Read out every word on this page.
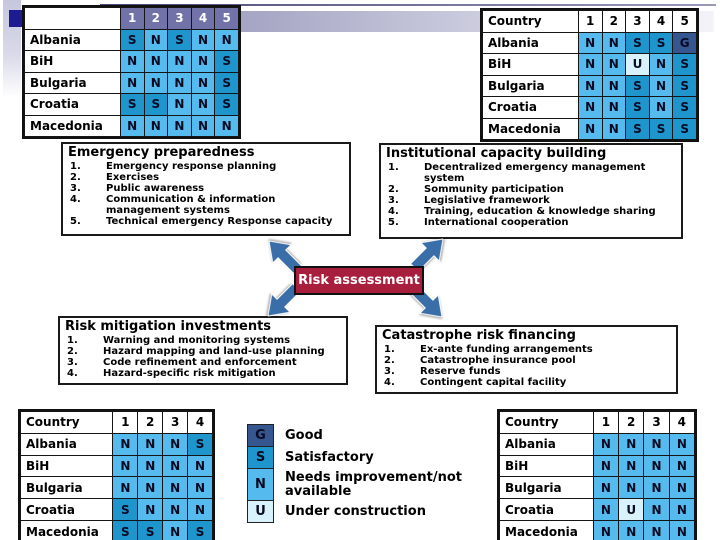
Country	1	2	3	4	5
Albania	S	N	S	N	N
BiH	N	N	N	N	S
Bulgaria	N	N	N	N	S
Croatia	S	S	N	N	S
Macedonia	N	N	N	N	N
Country	1	2	3	4	5
Albania	N	N	S	S	G
BiH	N	N	U	N	S
Bulgaria	N	N	S	N	S
Croatia	N	N	S	N	S
Macedonia	N	N	S	S	S
Country	1	2	3	4
Albania	N	N	N	S
BiH	N	N	N	N
Bulgaria	N	N	N	N
Croatia	S	N	N	N
Macedonia	S	S	N	S
Country	1	2	3	4
Albania	N	N	N	N
BiH	N	N	N	N
Bulgaria	N	N	N	N
Croatia	N	U	N	N
Macedonia	N	N	N	N
Emergency preparedness
1. Emergency response planning
2. Exercises
3. Public awareness
4. Communication & information management systems
5. Technical emergency Response capacity
Institutional capacity building
1. Decentralized emergency management system
2. Sommunity participation
3. Legislative framework
4. Training, education & knowledge sharing
5. International cooperation
Risk mitigation investments
1. Warning and monitoring systems
2. Hazard mapping and land-use planning
3. Code refinement and enforcement
4. Hazard-specific risk mitigation
Catastrophe risk financing
1. Ex-ante funding arrangements
2. Catastrophe insurance pool
3. Reserve funds
4. Contingent capital facility
Risk assessment
G	Good
S	Satisfactory
N	Needs improvement/not available
U	Under construction
